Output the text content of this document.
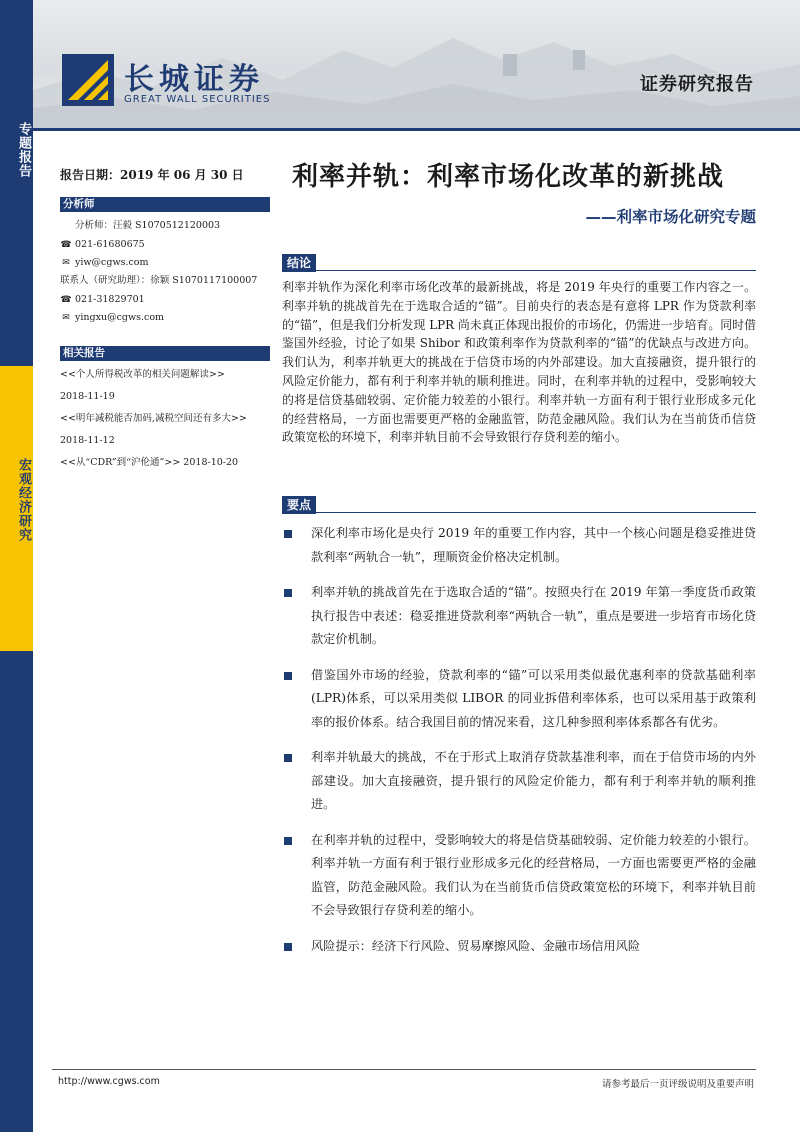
专题报告
宏观经济研究
长城证券
GREAT WALL SECURITIES
证券研究报告
报告日期：2019 年 06 月 30 日
分析师
分析师：汪毅 S1070512120003
☎ 021-61680675
✉ yiw@cgws.com
联系人（研究助理）：徐颖 S1070117100007
☎ 021-31829701
✉ yingxu@cgws.com
相关报告
<<个人所得税改革的相关问题解读>>
2018-11-19
<<明年减税能否加码,减税空间还有多大>>
2018-11-12
<<从“CDR”到“沪伦通”>> 2018-10-20
利率并轨：利率市场化改革的新挑战
——利率市场化研究专题
结论
利率并轨作为深化利率市场化改革的最新挑战，将是 2019 年央行的重要工作内容之一。利率并轨的挑战首先在于选取合适的“锚”。目前央行的表态是有意将 LPR 作为贷款利率的“锚”，但是我们分析发现 LPR 尚未真正体现出报价的市场化，仍需进一步培育。同时借鉴国外经验，讨论了如果 Shibor 和政策利率作为贷款利率的“锚”的优缺点与改进方向。我们认为，利率并轨更大的挑战在于信贷市场的内外部建设。加大直接融资，提升银行的风险定价能力，都有利于利率并轨的顺利推进。同时，在利率并轨的过程中，受影响较大的将是信贷基础较弱、定价能力较差的小银行。利率并轨一方面有利于银行业形成多元化的经营格局，一方面也需要更严格的金融监管，防范金融风险。我们认为在当前货币信贷政策宽松的环境下，利率并轨目前不会导致银行存贷利差的缩小。
要点
深化利率市场化是央行 2019 年的重要工作内容，其中一个核心问题是稳妥推进贷款利率“两轨合一轨”，理顺资金价格决定机制。
利率并轨的挑战首先在于选取合适的“锚”。按照央行在 2019 年第一季度货币政策执行报告中表述：稳妥推进贷款利率“两轨合一轨”，重点是要进一步培育市场化贷款定价机制。
借鉴国外市场的经验，贷款利率的“锚”可以采用类似最优惠利率的贷款基础利率(LPR)体系，可以采用类似 LIBOR 的同业拆借利率体系，也可以采用基于政策利率的报价体系。结合我国目前的情况来看，这几种参照利率体系都各有优劣。
利率并轨最大的挑战，不在于形式上取消存贷款基准利率，而在于信贷市场的内外部建设。加大直接融资，提升银行的风险定价能力，都有利于利率并轨的顺利推进。
在利率并轨的过程中，受影响较大的将是信贷基础较弱、定价能力较差的小银行。利率并轨一方面有利于银行业形成多元化的经营格局，一方面也需要更严格的金融监管，防范金融风险。我们认为在当前货币信贷政策宽松的环境下，利率并轨目前不会导致银行存贷利差的缩小。
风险提示：经济下行风险、贸易摩擦风险、金融市场信用风险
http://www.cgws.com	请参考最后一页评级说明及重要声明
